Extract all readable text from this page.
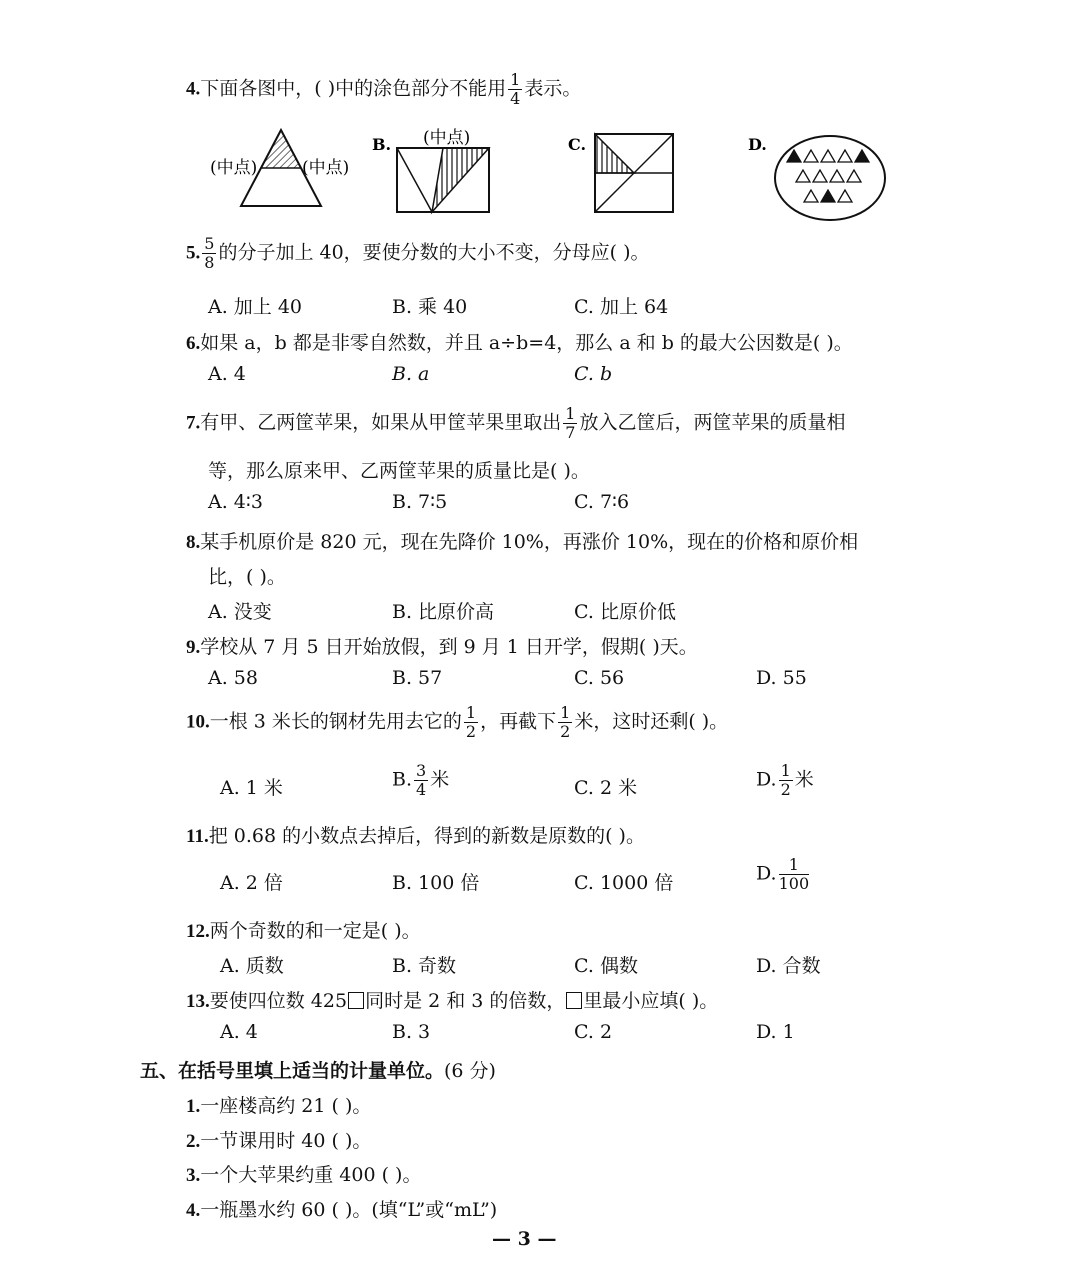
4.下面各图中，( )中的涂色部分不能用 $\frac{1}{4}$ 表示。
(中点)	(中点)
B. (中点)	C.	D.
5. $\frac{5}{8}$ 的分子加上 40，要使分数的大小不变，分母应( )。
A. 加上 40	B. 乘 40	C. 加上 64
6.如果 a，b 都是非零自然数，并且 a÷b=4，那么 a 和 b 的最大公因数是( )。
A. 4	B. a	C. b
7.有甲、乙两筐苹果，如果从甲筐苹果里取出 $\frac{1}{7}$ 放入乙筐后，两筐苹果的质量相
等，那么原来甲、乙两筐苹果的质量比是( )。
A. 4∶3	B. 7∶5	C. 7∶6
8.某手机原价是 820 元，现在先降价 10%，再涨价 10%，现在的价格和原价相
比，( )。
A. 没变	B. 比原价高	C. 比原价低
9.学校从 7 月 5 日开始放假，到 9 月 1 日开学，假期( )天。
A. 58	B. 57	C. 56	D. 55
10.一根 3 米长的钢材先用去它的 $\frac{1}{2}$ ，再截下 $\frac{1}{2}$ 米，这时还剩( )。
A. 1 米	B. $\frac{3}{4}$ 米	C. 2 米	D. $\frac{1}{2}$ 米
11.把 0.68 的小数点去掉后，得到的新数是原数的( )。
A. 2 倍	B. 100 倍	C. 1000 倍	D. $\frac{1}{100}$
12.两个奇数的和一定是( )。
A. 质数	B. 奇数	C. 偶数	D. 合数
13.要使四位数 425 同时是 2 和 3 的倍数， 里最小应填( )。
A. 4	B. 3	C. 2	D. 1
五、在括号里填上适当的计量单位。(6 分)
1.一座楼高约 21 ( )。
2.一节课用时 40 ( )。
3.一个大苹果约重 400 ( )。
4.一瓶墨水约 60 ( )。(填“L”或“mL”)
— 3 —
